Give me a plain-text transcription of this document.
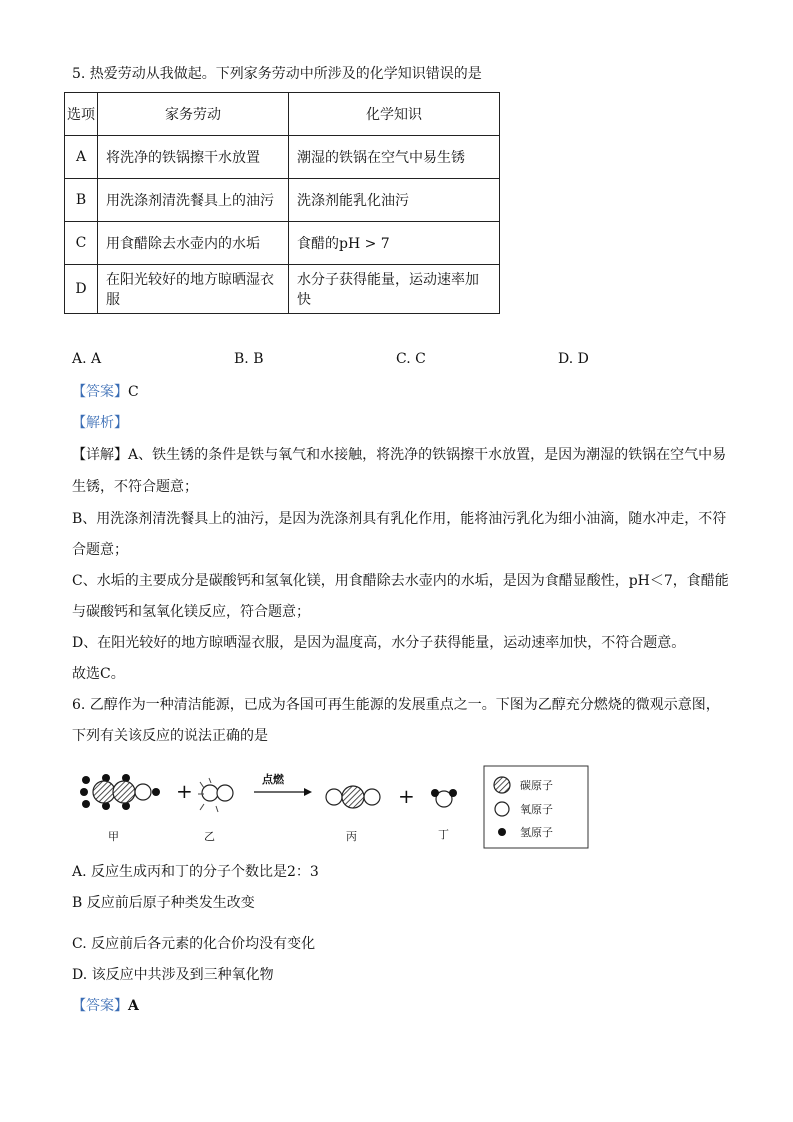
5. 热爱劳动从我做起。下列家务劳动中所涉及的化学知识错误的是
选项	家务劳动	化学知识
A	将洗净的铁锅擦干水放置	潮湿的铁锅在空气中易生锈
B	用洗涤剂清洗餐具上的油污	洗涤剂能乳化油污
C	用食醋除去水壶内的水垢	食醋的pH > 7
D	在阳光较好的地方晾晒湿衣服	水分子获得能量，运动速率加快
A. A	B. B	C. C	D. D
【答案】C
【解析】
【详解】A、铁生锈的条件是铁与氧气和水接触，将洗净的铁锅擦干水放置，是因为潮湿的铁锅在空气中易
生锈，不符合题意；
B、用洗涤剂清洗餐具上的油污，是因为洗涤剂具有乳化作用，能将油污乳化为细小油滴，随水冲走，不符
合题意；
C、水垢的主要成分是碳酸钙和氢氧化镁，用食醋除去水壶内的水垢，是因为食醋显酸性，pH＜7，食醋能
与碳酸钙和氢氧化镁反应，符合题意；
D、在阳光较好的地方晾晒湿衣服，是因为温度高，水分子获得能量，运动速率加快，不符合题意。
故选C。
6. 乙醇作为一种清洁能源，已成为各国可再生能源的发展重点之一。下图为乙醇充分燃烧的微观示意图，
下列有关该反应的说法正确的是
甲
+
乙
点燃
丙
+
丁
碳原子
氧原子
氢原子
A. 反应生成丙和丁的分子个数比是2：3
B 反应前后原子种类发生改变
C. 反应前后各元素的化合价均没有变化
D. 该反应中共涉及到三种氧化物
【答案】A
